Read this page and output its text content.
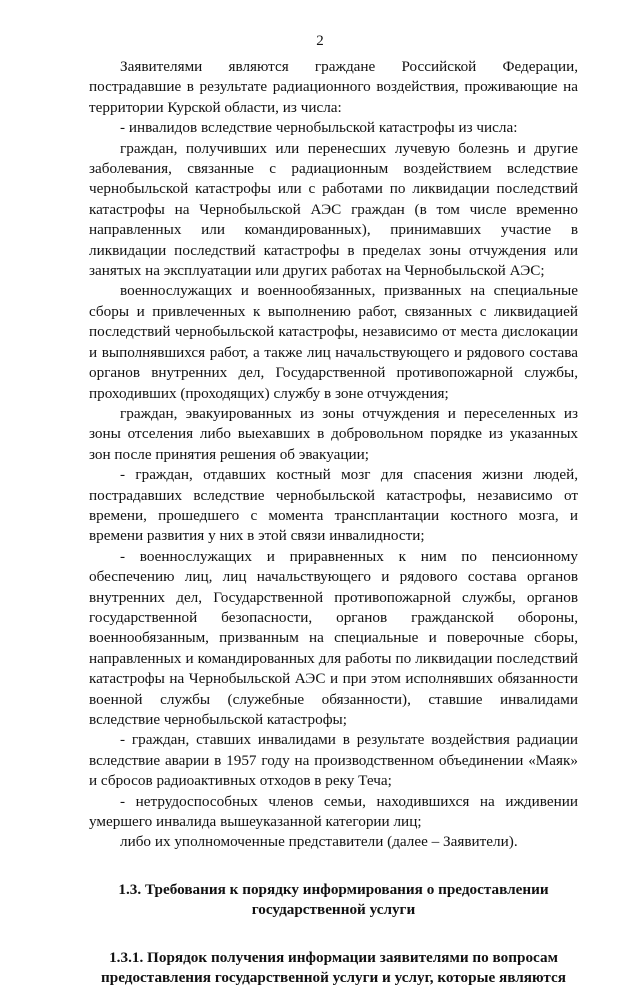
2

Заявителями являются граждане Российской Федерации, пострадавшие в результате радиационного воздействия, проживающие на территории Курской области, из числа:

- инвалидов вследствие чернобыльской катастрофы из числа:

граждан, получивших или перенесших лучевую болезнь и другие заболевания, связанные с радиационным воздействием вследствие чернобыльской катастрофы или с работами по ликвидации последствий катастрофы на Чернобыльской АЭС граждан (в том числе временно направленных или командированных), принимавших участие в ликвидации последствий катастрофы в пределах зоны отчуждения или занятых на эксплуатации или других работах на Чернобыльской АЭС;

военнослужащих и военнообязанных, призванных на специальные сборы и привлеченных к выполнению работ, связанных с ликвидацией последствий чернобыльской катастрофы, независимо от места дислокации и выполнявшихся работ, а также лиц начальствующего и рядового состава органов внутренних дел, Государственной противопожарной службы, проходивших (проходящих) службу в зоне отчуждения;

граждан, эвакуированных из зоны отчуждения и переселенных из зоны отселения либо выехавших в добровольном порядке из указанных зон после принятия решения об эвакуации;

- граждан, отдавших костный мозг для спасения жизни людей, пострадавших вследствие чернобыльской катастрофы, независимо от времени, прошедшего с момента трансплантации костного мозга, и времени развития у них в этой связи инвалидности;

- военнослужащих и приравненных к ним по пенсионному обеспечению лиц, лиц начальствующего и рядового состава органов внутренних дел, Государственной противопожарной службы, органов государственной безопасности, органов гражданской обороны, военнообязанным, призванным на специальные и поверочные сборы, направленных и командированных для работы по ликвидации последствий катастрофы на Чернобыльской АЭС и при этом исполнявших обязанности военной службы (служебные обязанности), ставшие инвалидами вследствие чернобыльской катастрофы;

- граждан, ставших инвалидами в результате воздействия радиации вследствие аварии в 1957 году на производственном объединении «Маяк» и сбросов радиоактивных отходов в реку Теча;

- нетрудоспособных членов семьи, находившихся на иждивении умершего инвалида вышеуказанной категории лиц;

либо их уполномоченные представители (далее – Заявители).

1.3. Требования к порядку информирования о предоставлении государственной услуги
1.3.1. Порядок получения информации заявителями по вопросам предоставления государственной услуги и услуг, которые являются
